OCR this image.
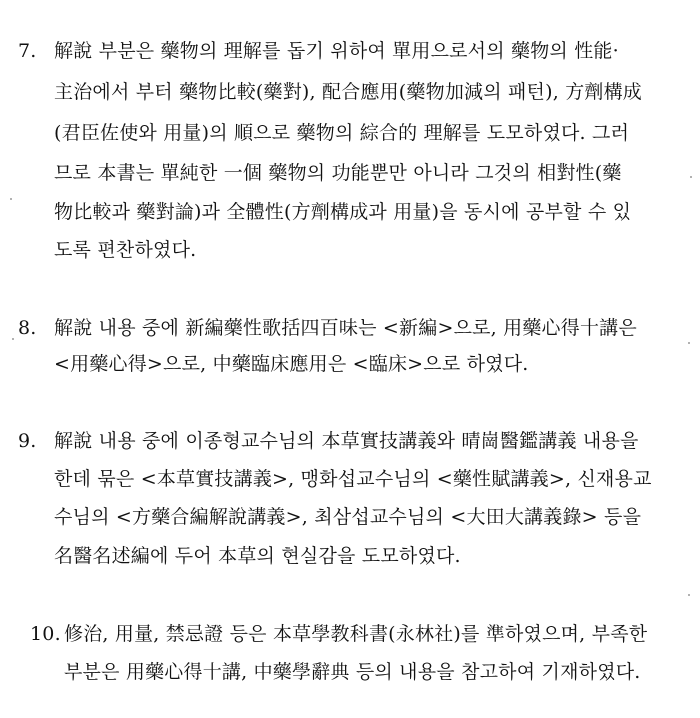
7. 解說 부분은 藥物의 理解를 돕기 위하여 單用으로서의 藥物의 性能·
主治에서 부터 藥物比較(藥對), 配合應用(藥物加減의 패턴), 方劑構成
(君臣佐使와 用量)의 順으로 藥物의 綜合的 理解를 도모하였다. 그러
므로 本書는 單純한 一個 藥物의 功能뿐만 아니라 그것의 相對性(藥
物比較과 藥對論)과 全體性(方劑構成과 用量)을 동시에 공부할 수 있
도록 편찬하였다.
8. 解說 내용 중에 新編藥性歌括四百味는 <新編>으로, 用藥心得十講은
<用藥心得>으로, 中藥臨床應用은 <臨床>으로 하였다.
9. 解說 내용 중에 이종형교수님의 本草實技講義와 晴崗醫鑑講義 내용을
한데 묶은 <本草實技講義>, 맹화섭교수님의 <藥性賦講義>, 신재용교
수님의 <方藥合編解說講義>, 최삼섭교수님의 <大田大講義錄> 등을
名醫名述編에 두어 本草의 현실감을 도모하였다.
10. 修治, 用量, 禁忌證 등은 本草學教科書(永林社)를 準하였으며, 부족한
부분은 用藥心得十講, 中藥學辭典 등의 내용을 참고하여 기재하였다.
